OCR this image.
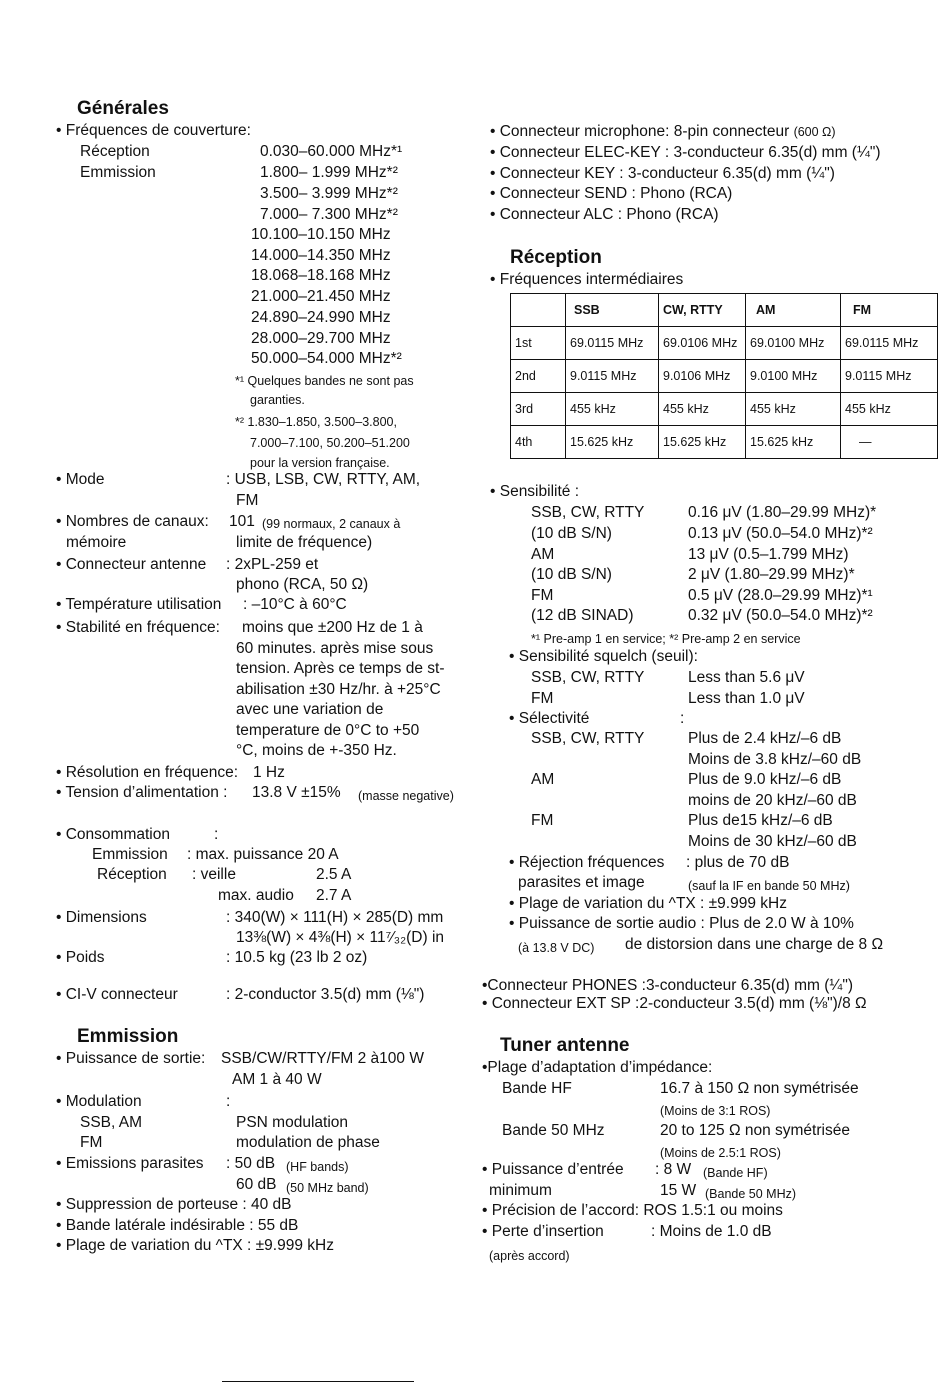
Générales
• Fréquences de couverture:
Réception	0.030–60.000 MHz*¹
Emmission	1.800– 1.999 MHz*²
3.500– 3.999 MHz*²
7.000– 7.300 MHz*²
10.100–10.150 MHz
14.000–14.350 MHz
18.068–18.168 MHz
21.000–21.450 MHz
24.890–24.990 MHz
28.000–29.700 MHz
50.000–54.000 MHz*²
*¹ Quelques bandes ne sont pas
garanties.
*² 1.830–1.850, 3.500–3.800,
7.000–7.100, 50.200–51.200
pour la version française.
• Mode	: USB, LSB, CW, RTTY, AM,
FM
• Nombres de canaux: 101 (99 normaux, 2 canaux à
mémoire	limite de fréquence)
• Connecteur antenne : 2xPL-259 et
phono (RCA, 50 Ω)
• Température utilisation : –10°C à 60°C
• Stabilité en fréquence: moins que ±200 Hz de 1 à
60 minutes. après mise sous
tension. Après ce temps de st-
abilisation ±30 Hz/hr. à +25°C
avec une variation de
temperature de 0°C to +50
°C, moins de +-350 Hz.
• Résolution en fréquence: 1 Hz
• Tension d’alimentation : 13.8 V ±15% (masse negative)
• Consommation	:
Emmission : max. puissance 20 A
Réception : veille	2.5 A
max. audio 2.7 A
• Dimensions	: 340(W) × 111(H) × 285(D) mm
13⅜(W) × 4⅜(H) × 11⁷⁄₃₂(D) in
• Poids	: 10.5 kg (23 lb 2 oz)
• CI-V connecteur	: 2-conductor 3.5(d) mm (⅛")
Emmission
• Puissance de sortie: SSB/CW/RTTY/FM 2 à100 W
AM 1 à 40 W
• Modulation	:
SSB, AM	PSN modulation
FM	modulation de phase
• Emissions parasites : 50 dB (HF bands)
60 dB (50 MHz band)
• Suppression de porteuse : 40 dB
• Bande latérale indésirable : 55 dB
• Plage de variation du ^TX : ±9.999 kHz
• Connecteur microphone: 8-pin connecteur (600 Ω)
• Connecteur ELEC-KEY : 3-conducteur 6.35(d) mm (¼")
• Connecteur KEY : 3-conducteur 6.35(d) mm (¼")
• Connecteur SEND : Phono (RCA)
• Connecteur ALC : Phono (RCA)
Réception
• Fréquences intermédiaires
	SSB	CW, RTTY	AM	FM
1st	69.0115 MHz	69.0106 MHz	69.0100 MHz	69.0115 MHz
2nd	9.0115 MHz	9.0106 MHz	9.0100 MHz	9.0115 MHz
3rd	455 kHz	455 kHz	455 kHz	455 kHz
4th	15.625 kHz	15.625 kHz	15.625 kHz	—
• Sensibilité :
SSB, CW, RTTY	0.16 μV (1.80–29.99 MHz)*
(10 dB S/N)	0.13 μV (50.0–54.0 MHz)*²
AM	13 μV (0.5–1.799 MHz)
(10 dB S/N)	2 μV (1.80–29.99 MHz)*
FM	0.5 μV (28.0–29.99 MHz)*¹
(12 dB SINAD)	0.32 μV (50.0–54.0 MHz)*²
*¹ Pre-amp 1 en service; *² Pre-amp 2 en service
• Sensibilité squelch (seuil):
SSB, CW, RTTY	Less than 5.6 μV
FM	Less than 1.0 μV
• Sélectivité	:
SSB, CW, RTTY	Plus de 2.4 kHz/–6 dB
Moins de 3.8 kHz/–60 dB
AM	Plus de 9.0 kHz/–6 dB
moins de 20 kHz/–60 dB
FM	Plus de15 kHz/–6 dB
Moins de 30 kHz/–60 dB
• Réjection fréquences : plus de 70 dB
parasites et image	(sauf la IF en bande 50 MHz)
• Plage de variation du ^TX : ±9.999 kHz
• Puissance de sortie audio : Plus de 2.0 W à 10%
(à 13.8 V DC) de distorsion dans une charge de 8 Ω
•Connecteur PHONES :3-conducteur 6.35(d) mm (¼")
• Connecteur EXT SP :2-conducteur 3.5(d) mm (⅛")/8 Ω
Tuner antenne
•Plage d’adaptation d’impédance:
Bande HF	16.7 à 150 Ω non symétrisée
(Moins de 3:1 ROS)
Bande 50 MHz	20 to 125 Ω non symétrisée
(Moins de 2.5:1 ROS)
• Puissance d’entrée : 8 W (Bande HF)
minimum	15 W (Bande 50 MHz)
• Précision de l’accord: ROS 1.5:1 ou moins
• Perte d’insertion	: Moins de 1.0 dB
(après accord)
